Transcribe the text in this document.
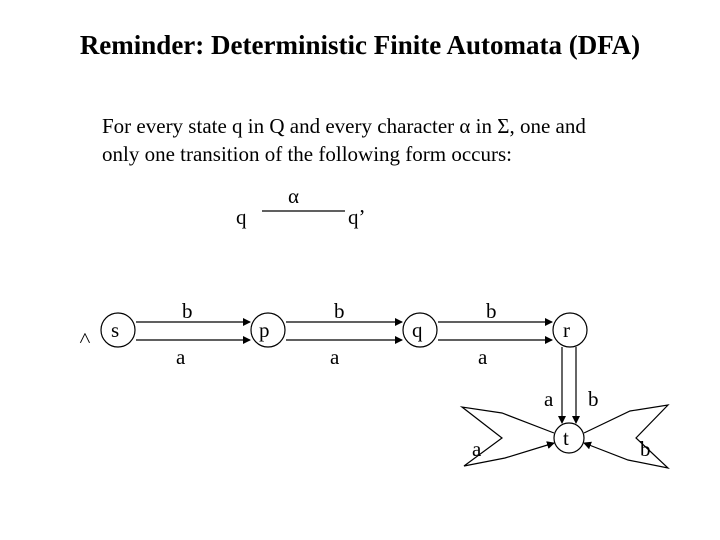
Reminder: Deterministic Finite Automata (DFA)
For every state q in Q and every character α in Σ, one and
only one transition of the following form occurs:
q
α
q’
> s	p	q	r
t
b
a
b
a
b
a
a b
a	b
